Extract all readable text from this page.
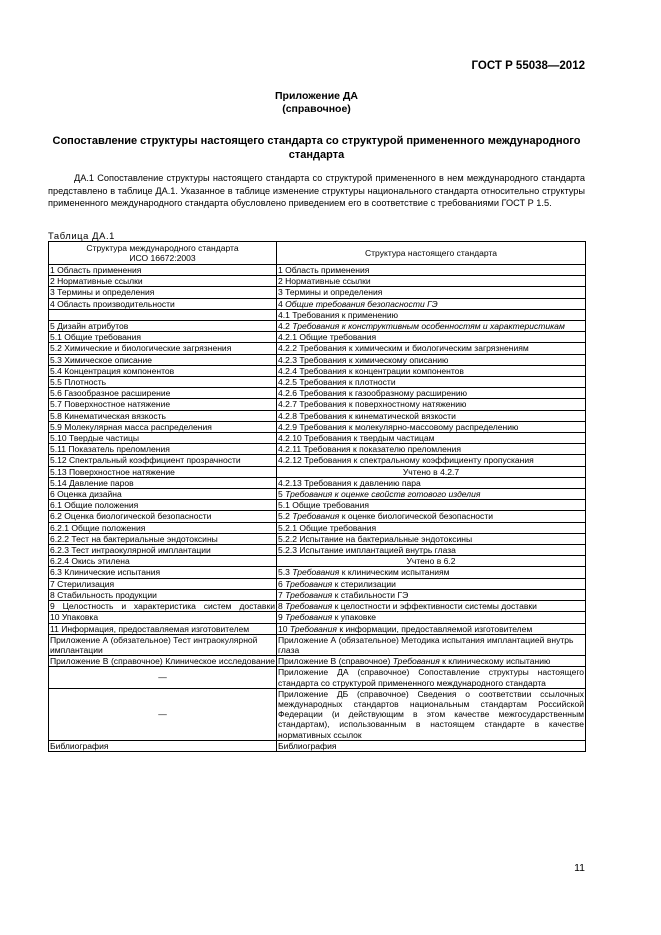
ГОСТ Р 55038—2012
Приложение ДА
(справочное)
Сопоставление структуры настоящего стандарта со структурой примененного международного стандарта
ДА.1 Сопоставление структуры настоящего стандарта со структурой примененного в нем международного стандарта представлено в таблице ДА.1. Указанное в таблице изменение структуры национального стандарта относительно структуры примененного международного стандарта обусловлено приведением его в соответствие с требованиями ГОСТ Р 1.5.
Таблица ДА.1
Структура международного стандарта
ИСО 16672:2003	Структура настоящего стандарта
1 Область применения	1 Область применения
2 Нормативные ссылки	2 Нормативные ссылки
3 Термины и определения	3 Термины и определения
4 Область производительности	4 Общие требования безопасности ГЭ
	4.1 Требования к применению
5 Дизайн атрибутов	4.2 Требования к конструктивным особенностям и характеристикам
5.1 Общие требования	4.2.1 Общие требования
5.2 Химические и биологические загрязнения	4.2.2 Требования к химическим и биологическим загрязнениям
5.3 Химическое описание	4.2.3 Требования к химическому описанию
5.4 Концентрация компонентов	4.2.4 Требования к концентрации компонентов
5.5 Плотность	4.2.5 Требования к плотности
5.6 Газообразное расширение	4.2.6 Требования к газообразному расширению
5.7 Поверхностное натяжение	4.2.7 Требования к поверхностному натяжению
5.8 Кинематическая вязкость	4.2.8 Требования к кинематической вязкости
5.9 Молекулярная масса распределения	4.2.9 Требования к молекулярно-массовому распределению
5.10 Твердые частицы	4.2.10 Требования к твердым частицам
5.11 Показатель преломления	4.2.11 Требования к показателю преломления
5.12 Спектральный коэффициент прозрачности	4.2.12 Требования к спектральному коэффициенту пропускания
5.13 Поверхностное натяжение	Учтено в 4.2.7
5.14 Давление паров	4.2.13 Требования к давлению пара
6 Оценка дизайна	5 Требования к оценке свойств готового изделия
6.1 Общие положения	5.1 Общие требования
6.2 Оценка биологической безопасности	5.2 Требования к оценке биологической безопасности
6.2.1 Общие положения	5.2.1 Общие требования
6.2.2 Тест на бактериальные эндотоксины	5.2.2 Испытание на бактериальные эндотоксины
6.2.3 Тест интраокулярной имплантации	5.2.3 Испытание имплантацией внутрь глаза
6.2.4 Окись этилена	Учтено в 6.2
6.3 Клинические испытания	5.3 Требования к клиническим испытаниям
7 Стерилизация	6 Требования к стерилизации
8 Стабильность продукции	7 Требования к стабильности ГЭ
9 Целостность и характеристика систем доставки	8 Требования к целостности и эффективности системы доставки
10 Упаковка	9 Требования к упаковке
11 Информация, предоставляемая изготовителем	10 Требования к информации, предоставляемой изготовителем
Приложение А (обязательное) Тест интраокулярной имплантации	Приложение А (обязательное) Методика испытания имплантацией внутрь глаза
Приложение В (справочное) Клиническое исследование	Приложение В (справочное) Требования к клиническому испытанию
—	Приложение ДА (справочное) Сопоставление структуры настоящего стандарта со структурой примененного международного стандарта
—	Приложение ДБ (справочное) Сведения о соответствии ссылочных международных стандартов национальным стандартам Российской Федерации (и действующим в этом качестве межгосударственным стандартам), использованным в настоящем стандарте в качестве нормативных ссылок
Библиография	Библиография
11
